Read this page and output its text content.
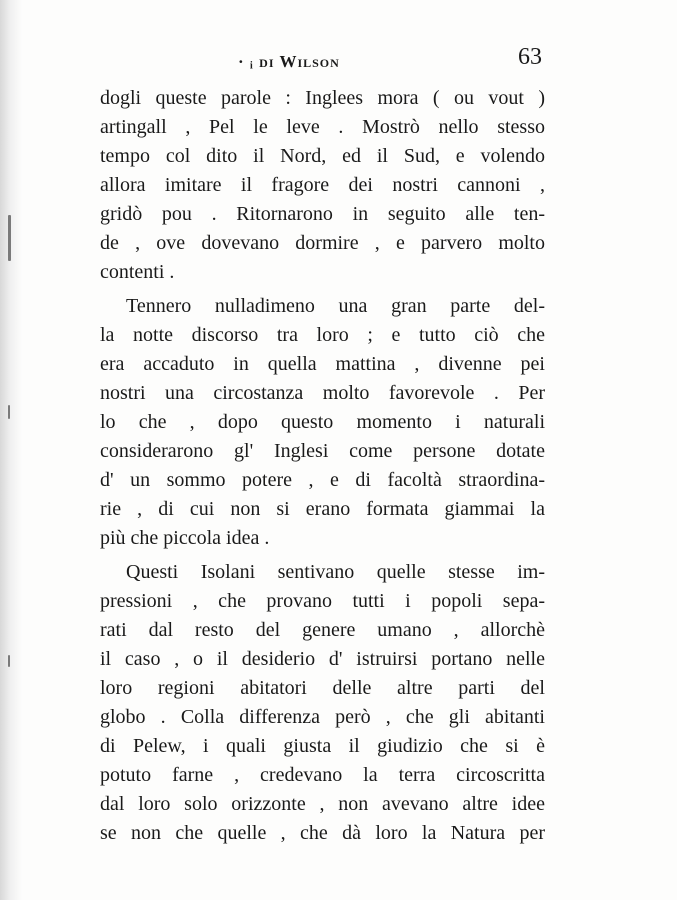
· ᵢ di Wilson	63
dogli queste parole : Inglees mora ( ou vout )
artingall , Pel le leve . Mostrò nello stesso
tempo col dito il Nord, ed il Sud, e volendo
allora imitare il fragore dei nostri cannoni ,
gridò pou . Ritornarono in seguito alle ten-
de , ove dovevano dormire , e parvero molto
contenti .
Tennero nulladimeno una gran parte del-
la notte discorso tra loro ; e tutto ciò che
era accaduto in quella mattina , divenne pei
nostri una circostanza molto favorevole . Per
lo che , dopo questo momento i naturali
considerarono gl' Inglesi come persone dotate
d' un sommo potere , e di facoltà straordina-
rie , di cui non si erano formata giammai la
più che piccola idea .
Questi Isolani sentivano quelle stesse im-
pressioni , che provano tutti i popoli sepa-
rati dal resto del genere umano , allorchè
il caso , o il desiderio d' istruirsi portano nelle
loro regioni abitatori delle altre parti del
globo . Colla differenza però , che gli abitanti
di Pelew, i quali giusta il giudizio che si è
potuto farne , credevano la terra circoscritta
dal loro solo orizzonte , non avevano altre idee
se non che quelle , che dà loro la Natura per
